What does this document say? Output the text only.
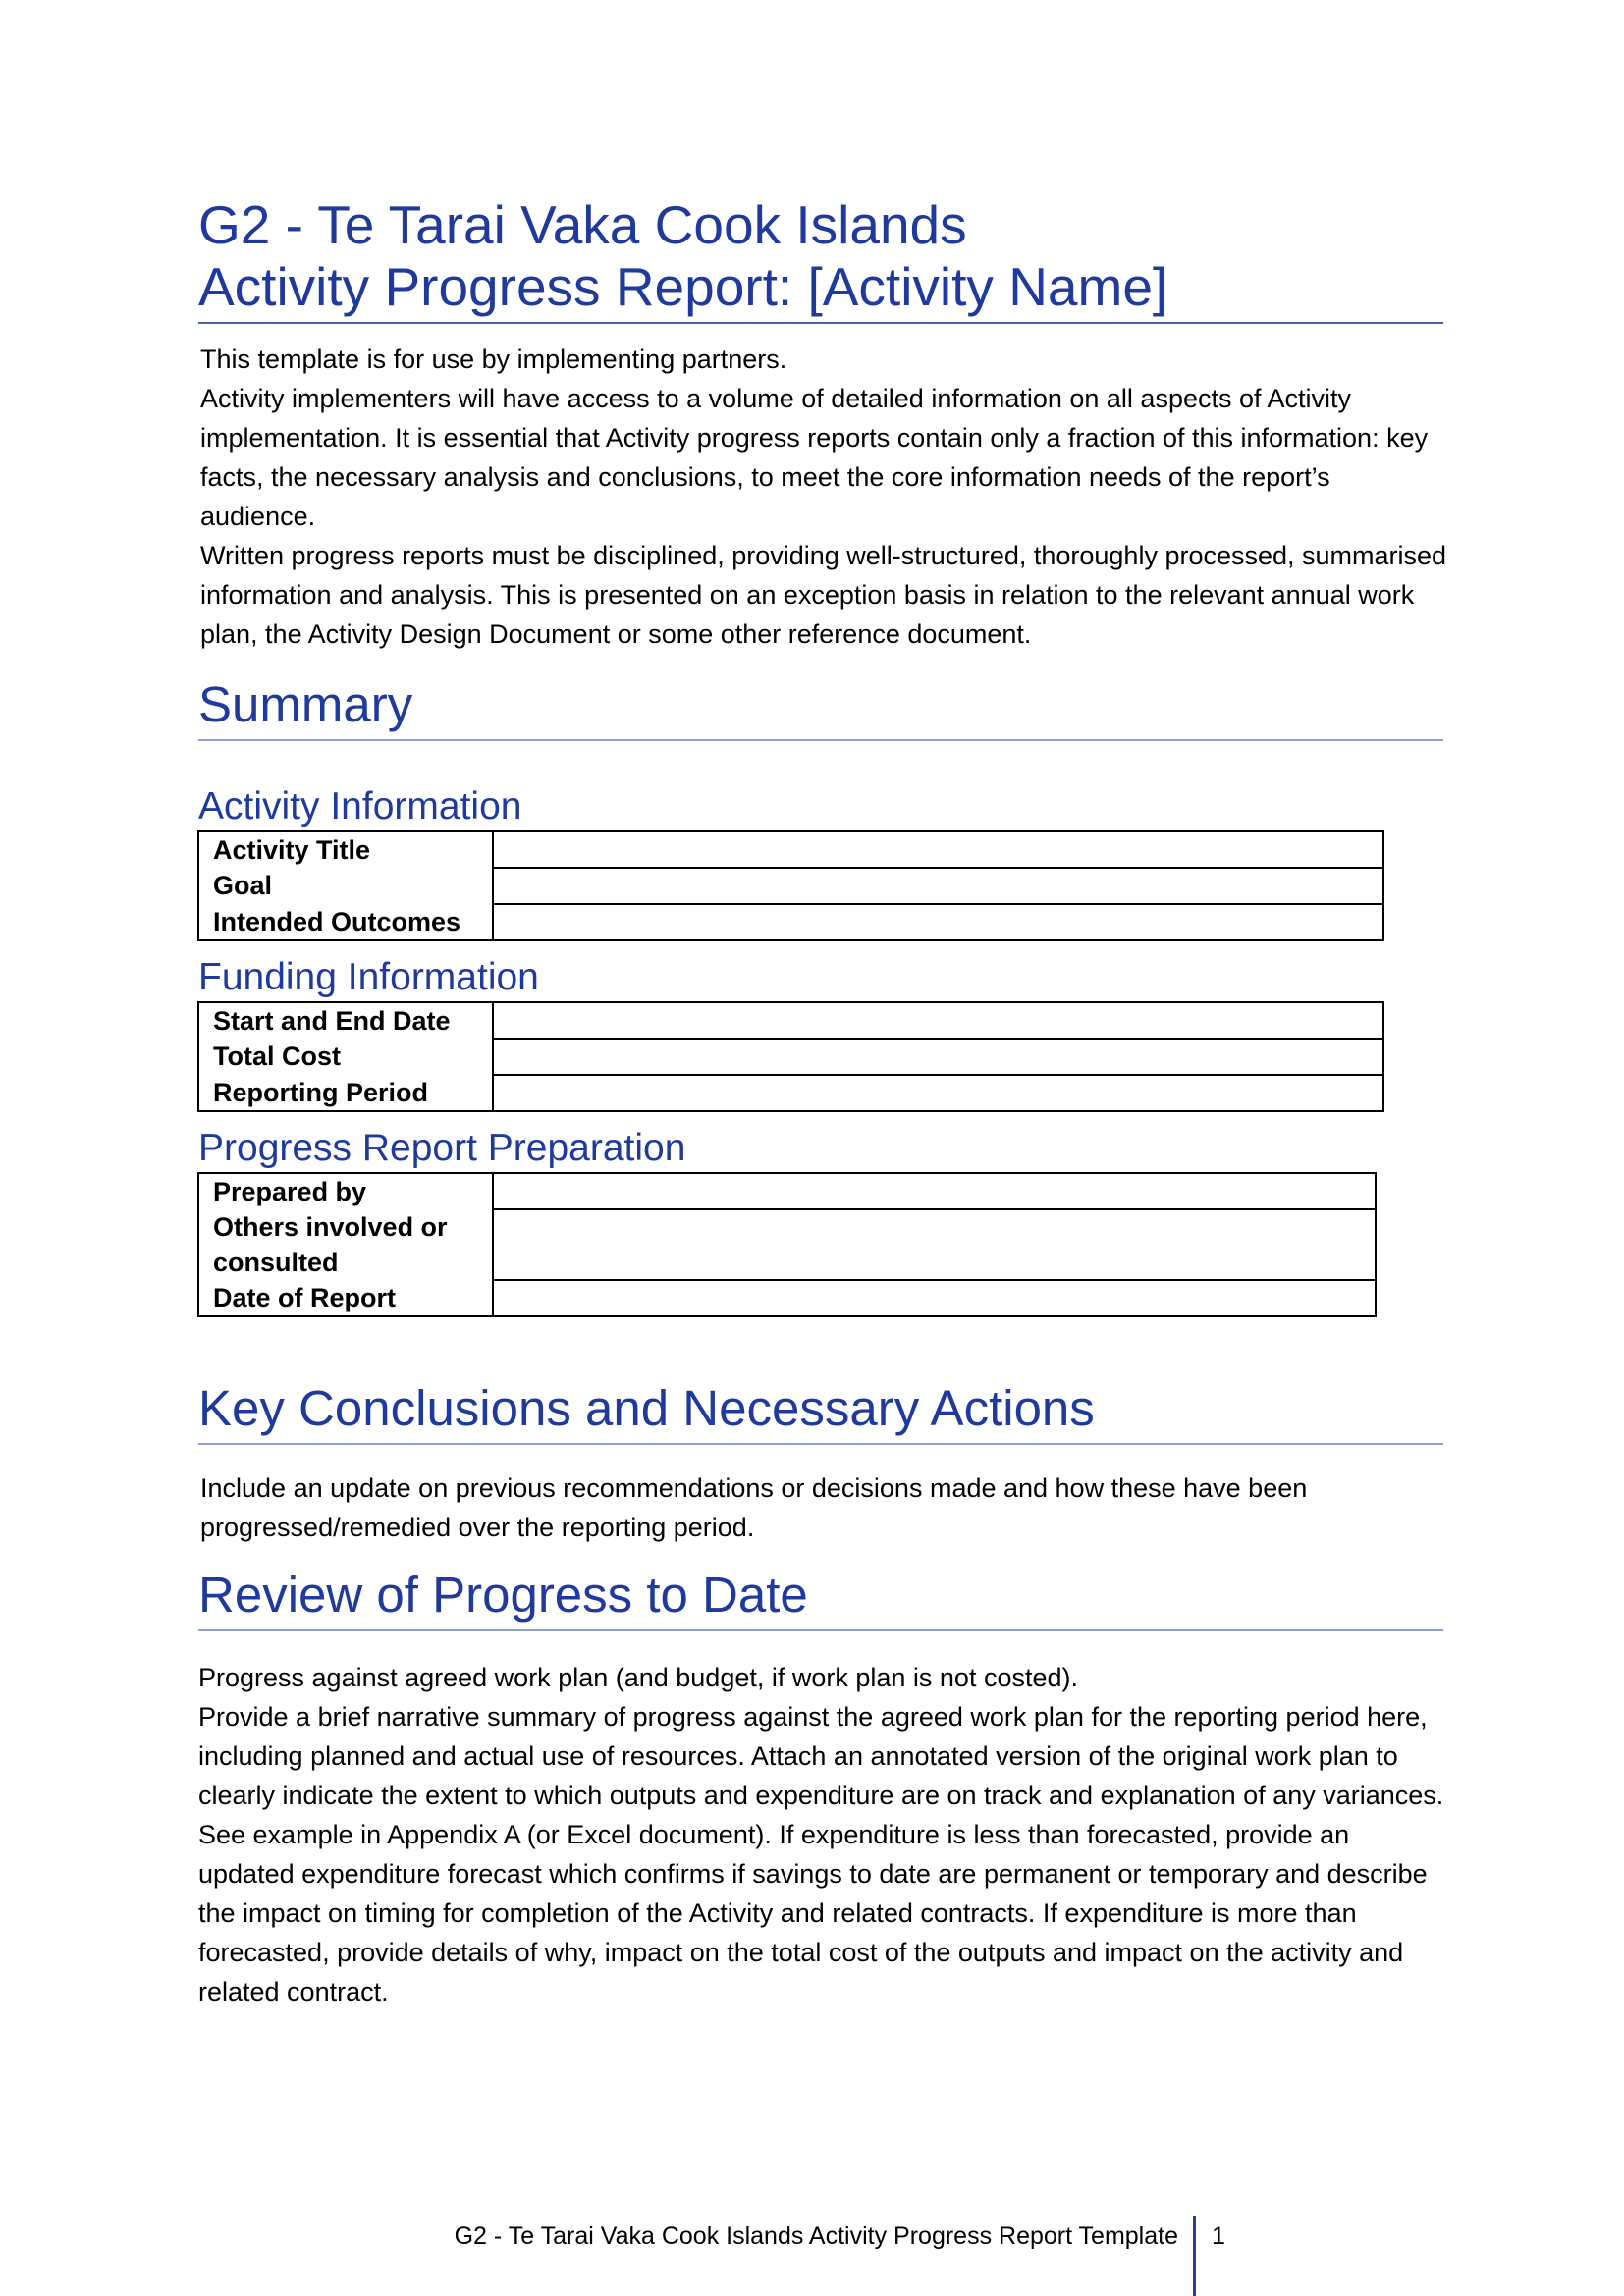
G2 - Te Tarai Vaka Cook Islands
Activity Progress Report: [Activity Name]

This template is for use by implementing partners.

Activity implementers will have access to a volume of detailed information on all aspects of Activity implementation. It is essential that Activity progress reports contain only a fraction of this information: key facts, the necessary analysis and conclusions, to meet the core information needs of the report’s audience.

Written progress reports must be disciplined, providing well-structured, thoroughly processed, summarised information and analysis. This is presented on an exception basis in relation to the relevant annual work plan, the Activity Design Document or some other reference document.

Summary
Activity Information
Activity Title	
Goal	
Intended Outcomes	
Funding Information
Start and End Date	
Total Cost	
Reporting Period	
Progress Report Preparation
Prepared by	
Others involved or consulted	
Date of Report	
Key Conclusions and Necessary Actions

Include an update on previous recommendations or decisions made and how these have been progressed/remedied over the reporting period.

Review of Progress to Date

Progress against agreed work plan (and budget, if work plan is not costed).

Provide a brief narrative summary of progress against the agreed work plan for the reporting period here, including planned and actual use of resources. Attach an annotated version of the original work plan to clearly indicate the extent to which outputs and expenditure are on track and explanation of any variances. See example in Appendix A (or Excel document). If expenditure is less than forecasted, provide an updated expenditure forecast which confirms if savings to date are permanent or temporary and describe the impact on timing for completion of the Activity and related contracts. If expenditure is more than forecasted, provide details of why, impact on the total cost of the outputs and impact on the activity and related contract.

G2 - Te Tarai Vaka Cook Islands Activity Progress Report Template 1
